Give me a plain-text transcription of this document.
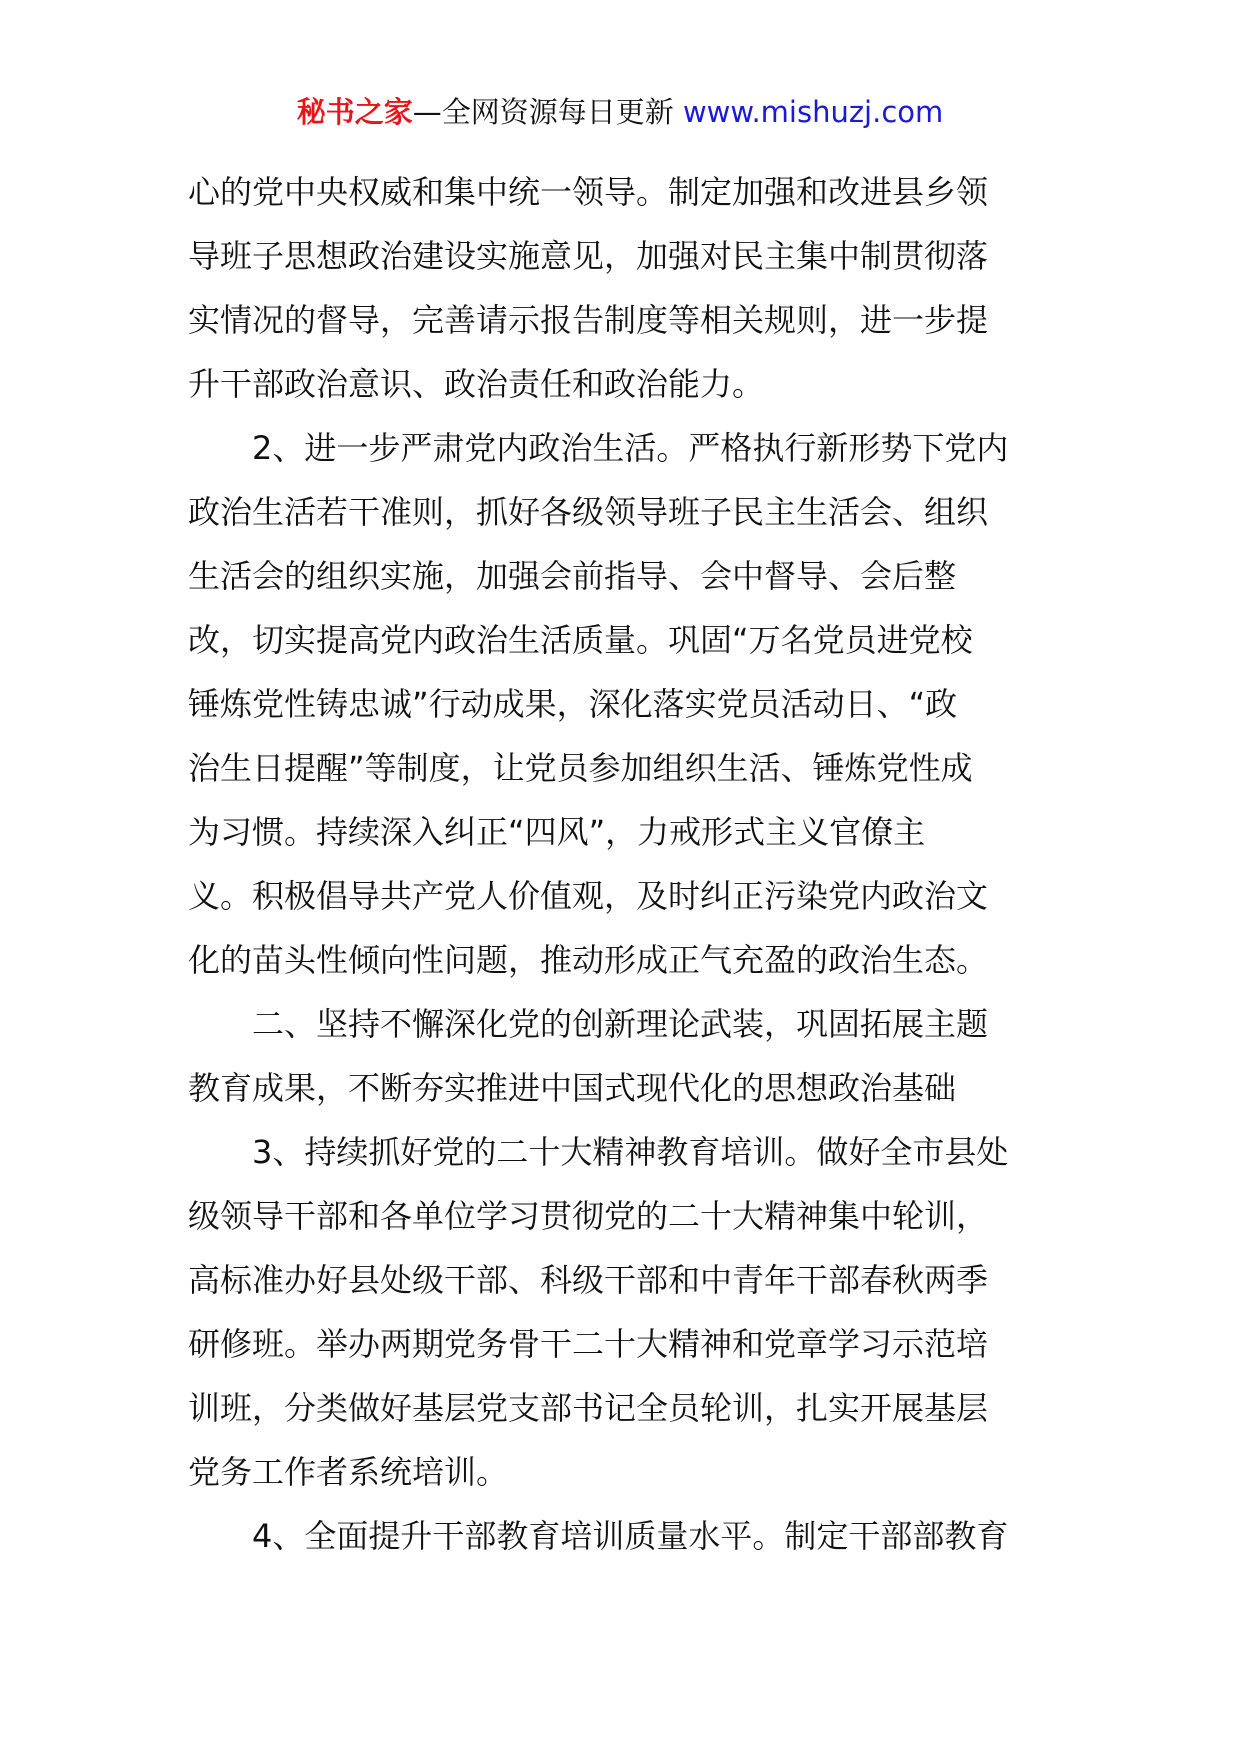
秘书之家—全网资源每日更新 www.mishuzj.com

心的党中央权威和集中统一领导。制定加强和改进县乡领
导班子思想政治建设实施意见，加强对民主集中制贯彻落
实情况的督导，完善请示报告制度等相关规则，进一步提
升干部政治意识、政治责任和政治能力。

2、进一步严肃党内政治生活。严格执行新形势下党内
政治生活若干准则，抓好各级领导班子民主生活会、组织
生活会的组织实施，加强会前指导、会中督导、会后整
改，切实提高党内政治生活质量。巩固“万名党员进党校
锤炼党性铸忠诚”行动成果，深化落实党员活动日、“政
治生日提醒”等制度，让党员参加组织生活、锤炼党性成
为习惯。持续深入纠正“四风”，力戒形式主义官僚主
义。积极倡导共产党人价值观，及时纠正污染党内政治文
化的苗头性倾向性问题，推动形成正气充盈的政治生态。

二、坚持不懈深化党的创新理论武装，巩固拓展主题
教育成果，不断夯实推进中国式现代化的思想政治基础

3、持续抓好党的二十大精神教育培训。做好全市县处
级领导干部和各单位学习贯彻党的二十大精神集中轮训，
高标准办好县处级干部、科级干部和中青年干部春秋两季
研修班。举办两期党务骨干二十大精神和党章学习示范培
训班，分类做好基层党支部书记全员轮训，扎实开展基层
党务工作者系统培训。

4、全面提升干部教育培训质量水平。制定干部部教育
